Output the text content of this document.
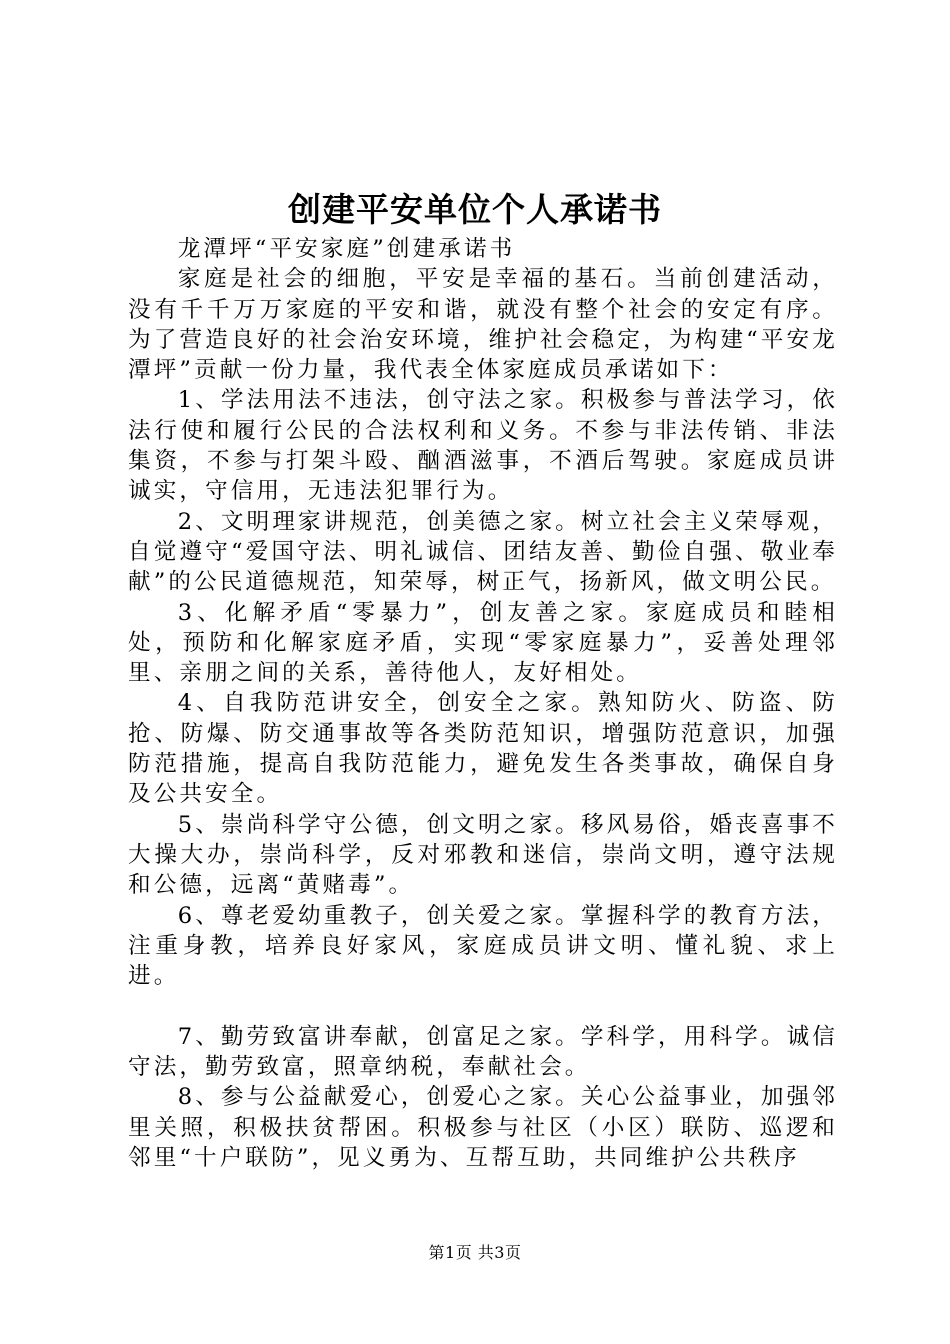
创建平安单位个人承诺书

龙潭坪“平安家庭”创建承诺书

家庭是社会的细胞，平安是幸福的基石。当前创建活动，没有千千万万家庭的平安和谐，就没有整个社会的安定有序。为了营造良好的社会治安环境，维护社会稳定，为构建“平安龙潭坪”贡献一份力量，我代表全体家庭成员承诺如下：

1、学法用法不违法，创守法之家。积极参与普法学习，依法行使和履行公民的合法权利和义务。不参与非法传销、非法集资，不参与打架斗殴、酗酒滋事，不酒后驾驶。家庭成员讲诚实，守信用，无违法犯罪行为。

2、文明理家讲规范，创美德之家。树立社会主义荣辱观，自觉遵守“爱国守法、明礼诚信、团结友善、勤俭自强、敬业奉献”的公民道德规范，知荣辱，树正气，扬新风，做文明公民。

3、化解矛盾“零暴力”，创友善之家。家庭成员和睦相处，预防和化解家庭矛盾，实现“零家庭暴力”，妥善处理邻里、亲朋之间的关系，善待他人，友好相处。

4、自我防范讲安全，创安全之家。熟知防火、防盗、防抢、防爆、防交通事故等各类防范知识，增强防范意识，加强防范措施，提高自我防范能力，避免发生各类事故，确保自身及公共安全。

5、崇尚科学守公德，创文明之家。移风易俗，婚丧喜事不大操大办，崇尚科学，反对邪教和迷信，崇尚文明，遵守法规和公德，远离“黄赌毒”。

6、尊老爱幼重教子，创关爱之家。掌握科学的教育方法，注重身教，培养良好家风，家庭成员讲文明、懂礼貌、求上进。

7、勤劳致富讲奉献，创富足之家。学科学，用科学。诚信守法，勤劳致富，照章纳税，奉献社会。

8、参与公益献爱心，创爱心之家。关心公益事业，加强邻里关照，积极扶贫帮困。积极参与社区（小区）联防、巡逻和邻里“十户联防”，见义勇为、互帮互助，共同维护公共秩序

第1页 共3页
